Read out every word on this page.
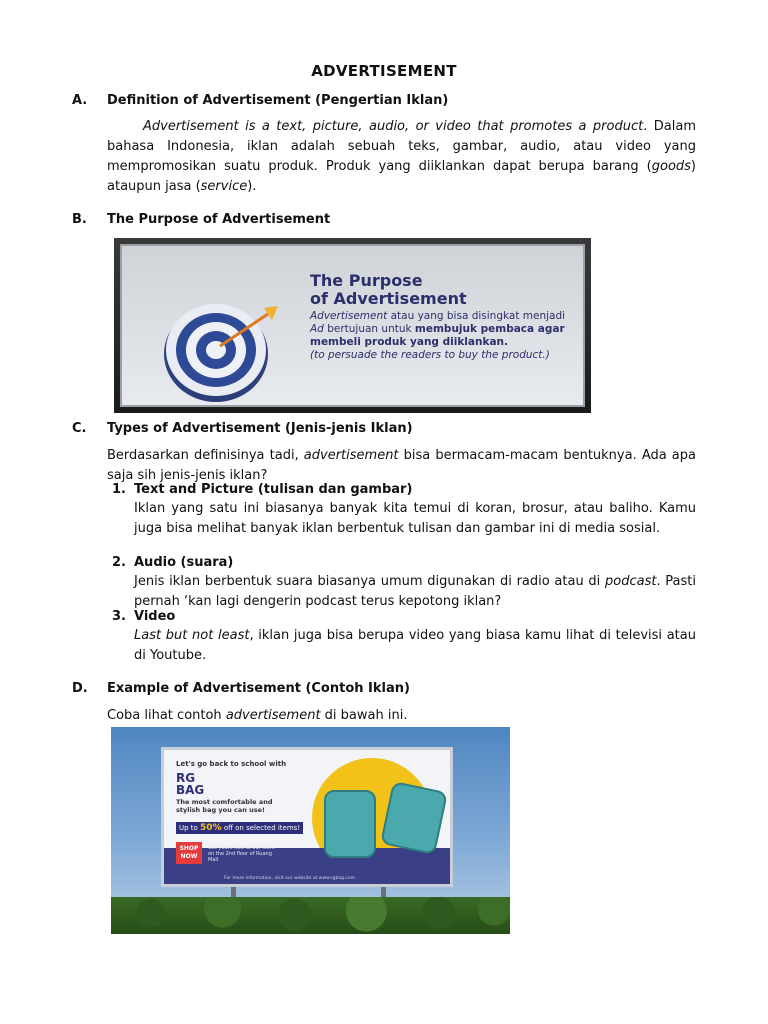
ADVERTISEMENT
A. Definition of Advertisement (Pengertian Iklan)
Advertisement is a text, picture, audio, or video that promotes a product. Dalam bahasa Indonesia, iklan adalah sebuah teks, gambar, audio, atau video yang mempromosikan suatu produk. Produk yang diiklankan dapat berupa barang (goods) ataupun jasa (service).
B. The Purpose of Advertisement
The Purpose
of Advertisement
Advertisement atau yang bisa disingkat menjadi Ad bertujuan untuk membujuk pembaca agar membeli produk yang diiklankan.
(to persuade the readers to buy the product.)
C. Types of Advertisement (Jenis-jenis Iklan)
Berdasarkan definisinya tadi, advertisement bisa bermacam-macam bentuknya. Ada apa saja sih jenis-jenis iklan?
1. Text and Picture (tulisan dan gambar)
Iklan yang satu ini biasanya banyak kita temui di koran, brosur, atau baliho. Kamu juga bisa melihat banyak iklan berbentuk tulisan dan gambar ini di media sosial.
2. Audio (suara)
Jenis iklan berbentuk suara biasanya umum digunakan di radio atau di podcast. Pasti pernah ‘kan lagi dengerin podcast terus kepotong iklan?
3. Video
Last but not least, iklan juga bisa berupa video yang biasa kamu lihat di televisi atau di Youtube.
D. Example of Advertisement (Contoh Iklan)
Coba lihat contoh advertisement di bawah ini.
Let's go back to school with
RG
BAG
The most comfortable and stylish bag you can use!
Up to 50% off on selected items!
SHOP
NOW
Get yours now at our store on the 2nd floor of Ruang Mall
For more information, visit our website at www.rgbag.com
